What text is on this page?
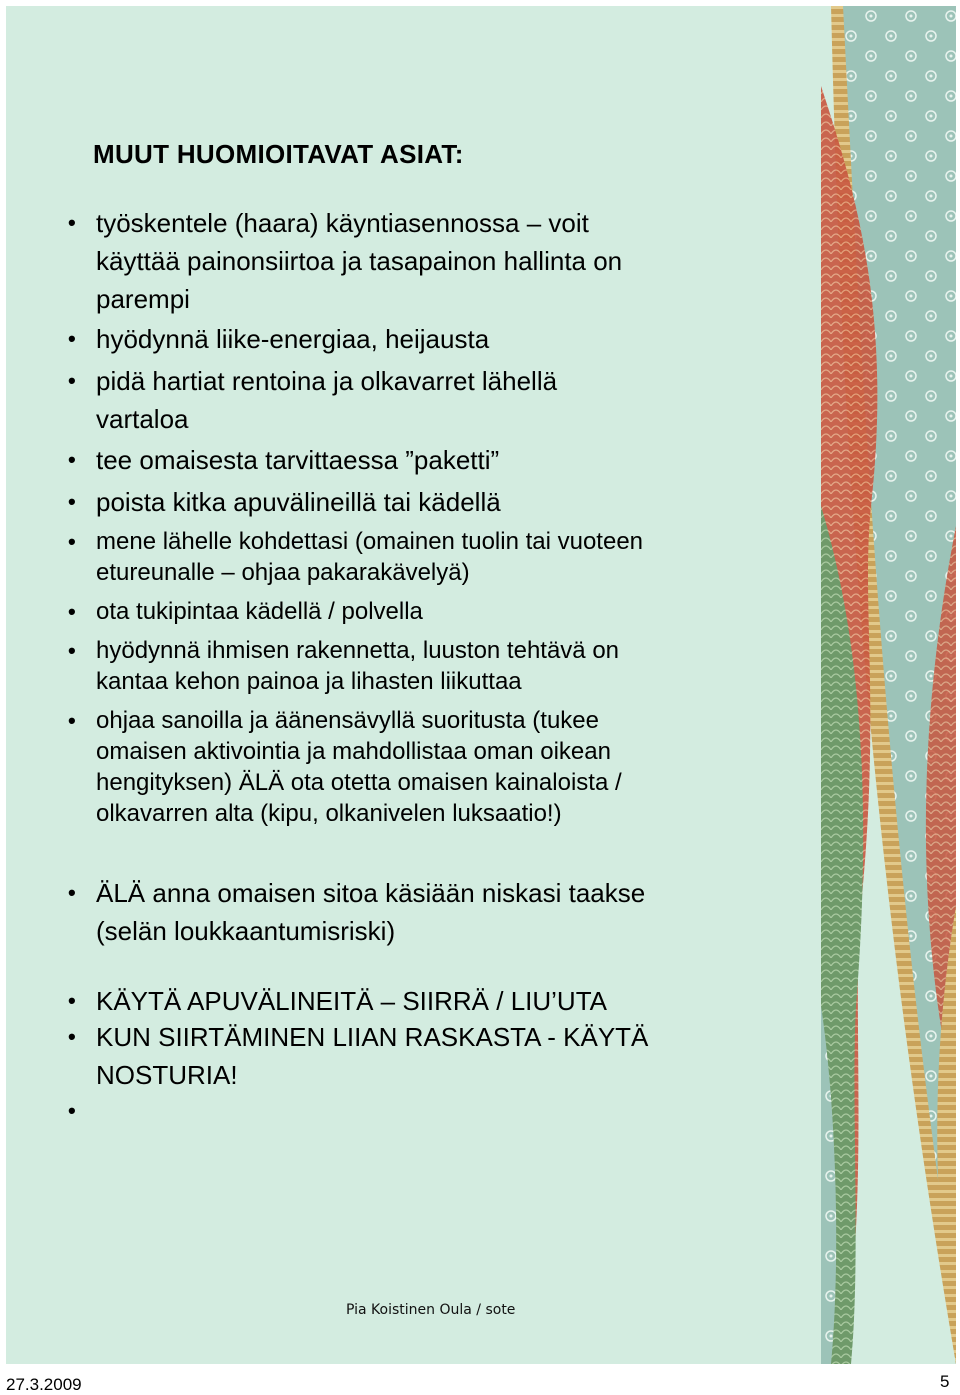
MUUT HUOMIOITAVAT ASIAT:
• työskentele (haara) käyntiasennossa – voit
käyttää painonsiirtoa ja tasapainon hallinta on
parempi
• hyödynnä liike-energiaa, heijausta
• pidä hartiat rentoina ja olkavarret lähellä
vartaloa
• tee omaisesta tarvittaessa ”paketti”
• poista kitka apuvälineillä tai kädellä
• mene lähelle kohdettasi (omainen tuolin tai vuoteen
etureunalle – ohjaa pakarakävelyä)
• ota tukipintaa kädellä / polvella
• hyödynnä ihmisen rakennetta, luuston tehtävä on
kantaa kehon painoa ja lihasten liikuttaa
• ohjaa sanoilla ja äänensävyllä suoritusta (tukee
omaisen aktivointia ja mahdollistaa oman oikean
hengityksen) ÄLÄ ota otetta omaisen kainaloista /
olkavarren alta (kipu, olkanivelen luksaatio!)
• ÄLÄ anna omaisen sitoa käsiään niskasi taakse
(selän loukkaantumisriski)
• KÄYTÄ APUVÄLINEITÄ – SIIRRÄ / LIU’UTA
• KUN SIIRTÄMINEN LIIAN RASKASTA - KÄYTÄ
NOSTURIA!
•
Pia Koistinen Oula / sote
27.3.2009	5
